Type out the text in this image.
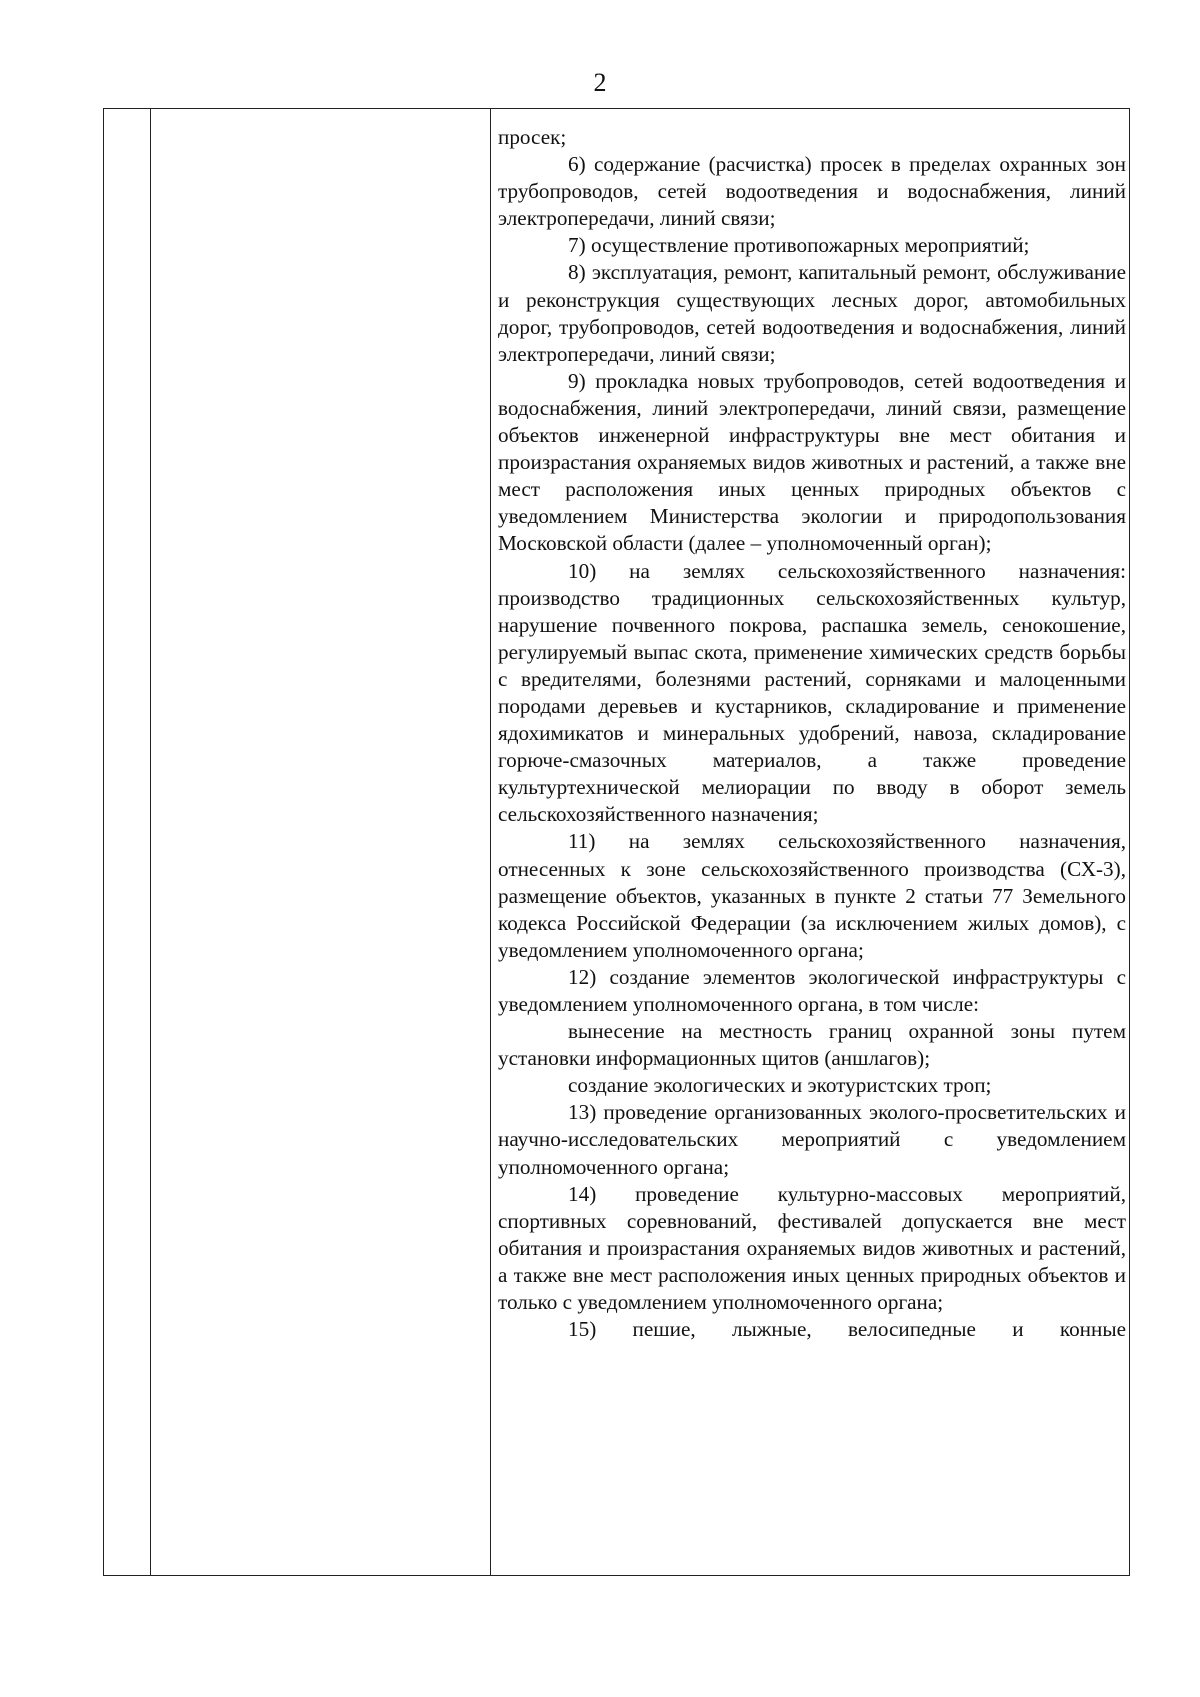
2

просек;

6) содержание (расчистка) просек в пределах охранных зон трубопроводов, сетей водоотведения и водоснабжения, линий электропередачи, линий связи;

7) осуществление противопожарных мероприятий;

8) эксплуатация, ремонт, капитальный ремонт, обслуживание и реконструкция существующих лесных дорог, автомобильных дорог, трубопроводов, сетей водоотведения и водоснабжения, линий электропередачи, линий связи;

9) прокладка новых трубопроводов, сетей водоотведения и водоснабжения, линий электропередачи, линий связи, размещение объектов инженерной инфраструктуры вне мест обитания и произрастания охраняемых видов животных и растений, а также вне мест расположения иных ценных природных объектов с уведомлением Министерства экологии и природопользования Московской области (далее – уполномоченный орган);

10) на землях сельскохозяйственного назначения: производство традиционных сельскохозяйственных культур, нарушение почвенного покрова, распашка земель, сенокошение, регулируемый выпас скота, применение химических средств борьбы с вредителями, болезнями растений, сорняками и малоценными породами деревьев и кустарников, складирование и применение ядохимикатов и минеральных удобрений, навоза, складирование горюче-смазочных материалов, а также проведение культуртехнической мелиорации по вводу в оборот земель сельскохозяйственного назначения;

11) на землях сельскохозяйственного назначения, отнесенных к зоне сельскохозяйственного производства (СХ-3), размещение объектов, указанных в пункте 2 статьи 77 Земельного кодекса Российской Федерации (за исключением жилых домов), с уведомлением уполномоченного органа;

12) создание элементов экологической инфраструктуры с уведомлением уполномоченного органа, в том числе:

вынесение на местность границ охранной зоны путем установки информационных щитов (аншлагов);

создание экологических и экотуристских троп;

13) проведение организованных эколого-просветительских и научно-исследовательских мероприятий с уведомлением уполномоченного органа;

14) проведение культурно-массовых мероприятий, спортивных соревнований, фестивалей допускается вне мест обитания и произрастания охраняемых видов животных и растений, а также вне мест расположения иных ценных природных объектов и только с уведомлением уполномоченного органа;

15) пешие, лыжные, велосипедные и конные
